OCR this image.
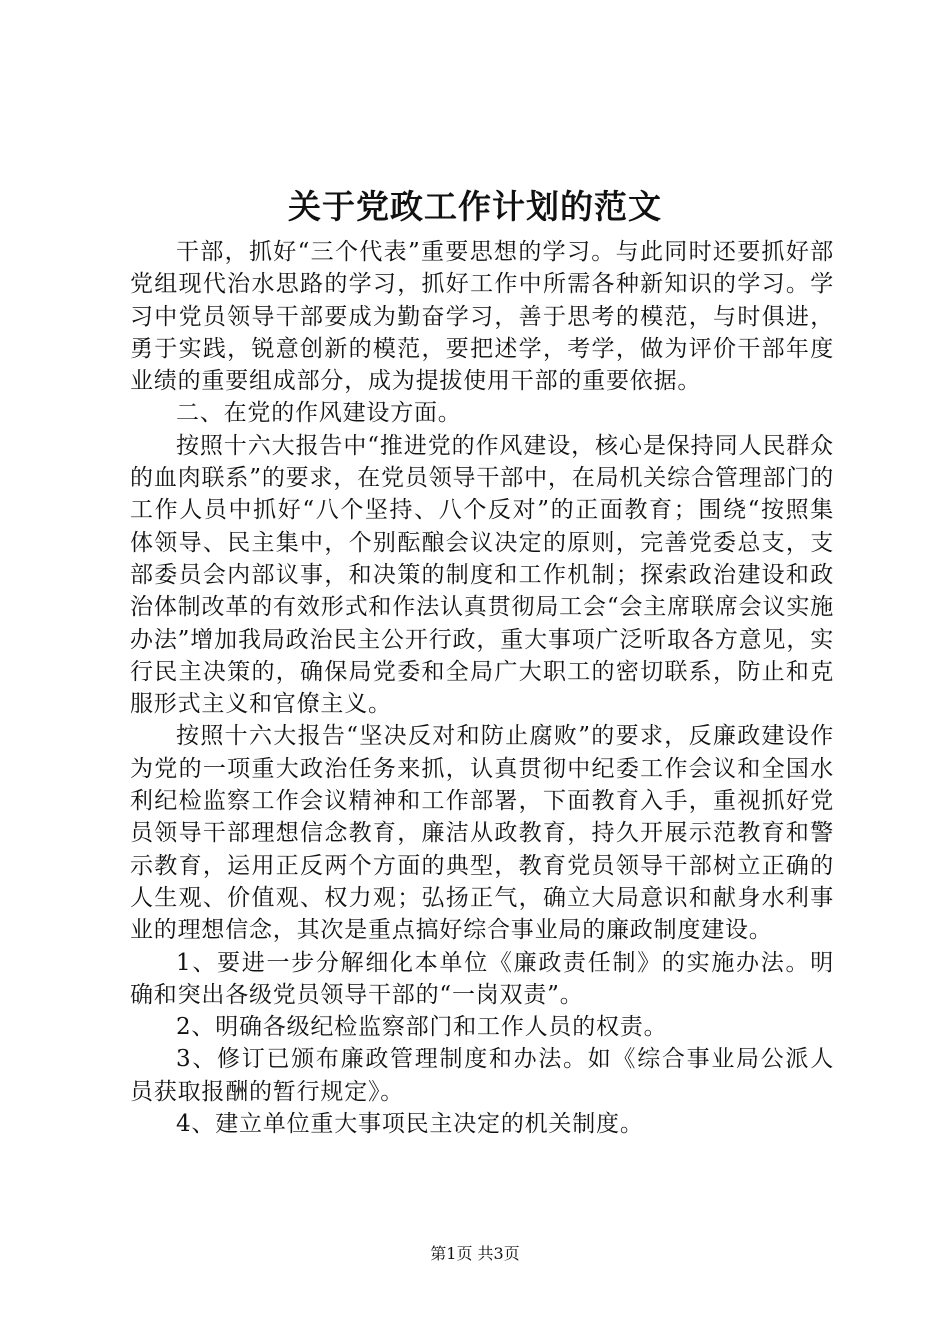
关于党政工作计划的范文

干部，抓好“三个代表”重要思想的学习。与此同时还要抓好部党组现代治水思路的学习，抓好工作中所需各种新知识的学习。学习中党员领导干部要成为勤奋学习，善于思考的模范，与时俱进，勇于实践，锐意创新的模范，要把述学，考学，做为评价干部年度业绩的重要组成部分，成为提拔使用干部的重要依据。

二、在党的作风建设方面。

按照十六大报告中“推进党的作风建设，核心是保持同人民群众的血肉联系”的要求，在党员领导干部中，在局机关综合管理部门的工作人员中抓好“八个坚持、八个反对”的正面教育；围绕“按照集体领导、民主集中，个别酝酿会议决定的原则，完善党委总支，支部委员会内部议事，和决策的制度和工作机制；探索政治建设和政治体制改革的有效形式和作法认真贯彻局工会“会主席联席会议实施办法”增加我局政治民主公开行政，重大事项广泛听取各方意见，实行民主决策的，确保局党委和全局广大职工的密切联系，防止和克服形式主义和官僚主义。

按照十六大报告“坚决反对和防止腐败”的要求，反廉政建设作为党的一项重大政治任务来抓，认真贯彻中纪委工作会议和全国水利纪检监察工作会议精神和工作部署，下面教育入手，重视抓好党员领导干部理想信念教育，廉洁从政教育，持久开展示范教育和警示教育，运用正反两个方面的典型，教育党员领导干部树立正确的人生观、价值观、权力观；弘扬正气，确立大局意识和献身水利事业的理想信念，其次是重点搞好综合事业局的廉政制度建设。

1、要进一步分解细化本单位《廉政责任制》的实施办法。明确和突出各级党员领导干部的“一岗双责”。

2、明确各级纪检监察部门和工作人员的权责。

3、修订已颁布廉政管理制度和办法。如《综合事业局公派人员获取报酬的暂行规定》。

4、建立单位重大事项民主决定的机关制度。

第1页 共3页
